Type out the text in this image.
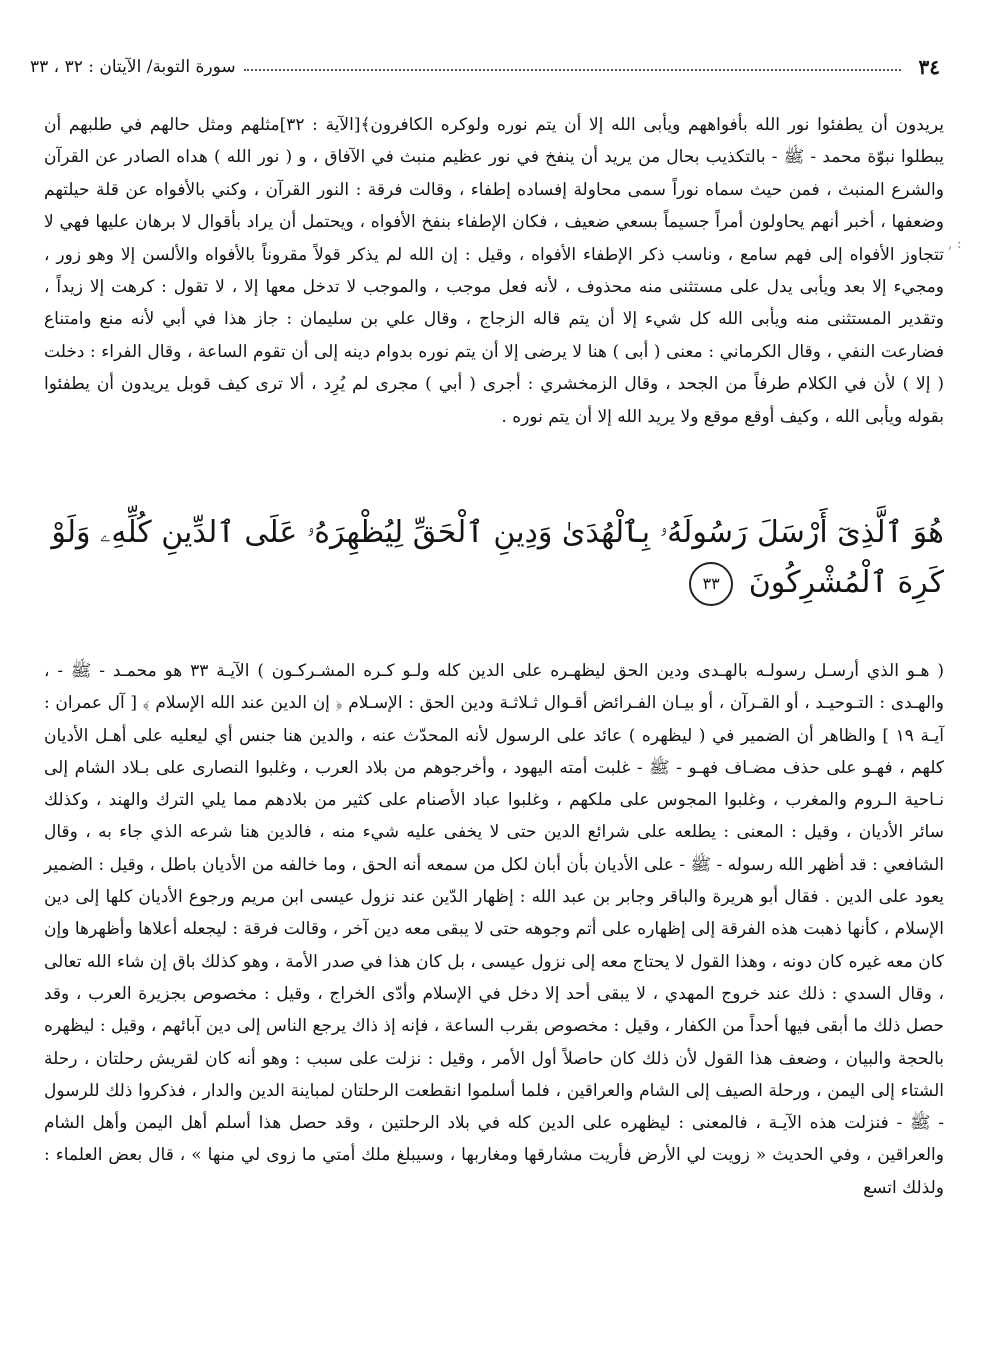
٣٤
سورة التوبة/ الآيتان : ٣٢ ، ٣٣
: ,

يريدون أن يطفئوا نور الله بأفواههم ويأبى الله إلا أن يتم نوره ولوكره الكافرون﴾[الآية : ٣٢]مثلهم ومثل حالهم في طلبهم أن يبطلوا نبوّة محمد - ﷺ - بالتكذيب بحال من يريد أن ينفخ في نور عظيم منبث في الآفاق ، و ( نور الله ) هداه الصادر عن القرآن والشرع المنبث ، فمن حيث سماه نوراً سمى محاولة إفساده إطفاء ، وقالت فرقة : النور القرآن ، وكني بالأفواه عن قلة حيلتهم وضعفها ، أخبر أنهم يحاولون أمراً جسيماً بسعي ضعيف ، فكان الإطفاء بنفخ الأفواه ، ويحتمل أن يراد بأقوال لا برهان عليها فهي لا تتجاوز الأفواه إلى فهم سامع ، وناسب ذكر الإطفاء الأفواه ، وقيل : إن الله لم يذكر قولاً مقروناً بالأفواه والألسن إلا وهو زور ، ومجيء إلا بعد ويأبى يدل على مستثنى منه محذوف ، لأنه فعل موجب ، والموجب لا تدخل معها إلا ، لا تقول : كرهت إلا زيداً ، وتقدير المستثنى منه ويأبى الله كل شيء إلا أن يتم قاله الزجاج ، وقال علي بن سليمان : جاز هذا في أبي لأنه منع وامتناع فضارعت النفي ، وقال الكرماني : معنى ( أبى ) هنا لا يرضى إلا أن يتم نوره بدوام دينه إلى أن تقوم الساعة ، وقال الفراء : دخلت ( إلا ) لأن في الكلام طرفاً من الجحد ، وقال الزمخشري : أجرى ( أبي ) مجرى لم يُرِد ، ألا ترى كيف قوبل يريدون أن يطفئوا بقوله ويأبى الله ، وكيف أوقع موقع ولا يريد الله إلا أن يتم نوره .

هُوَ ٱلَّذِىٓ أَرْسَلَ رَسُولَهُۥ بِٱلْهُدَىٰ وَدِينِ ٱلْحَقِّ لِيُظْهِرَهُۥ عَلَى ٱلدِّينِ كُلِّهِۦ وَلَوْ كَرِهَ ٱلْمُشْرِكُونَ ٣٣

( هـو الذي أرسـل رسولـه بالهـدى ودين الحق ليظهـره على الدين كله ولـو كـره المشـركـون ) الآيـة ٣٣ هو محمـد - ﷺ - ، والهـدى : التـوحيـد ، أو القـرآن ، أو بيـان الفـرائض أقـوال ثـلاثـة ودين الحق : الإسـلام ﴿ إن الدين عند الله الإسلام ﴾ [ آل عمران : آيـة ١٩ ] والظاهر أن الضمير في ( ليظهره ) عائد على الرسول لأنه المحدّث عنه ، والدين هنا جنس أي ليعليه على أهـل الأديان كلهم ، فهـو على حذف مضـاف فهـو - ﷺ - غلبت أمته اليهود ، وأخرجوهم من بلاد العرب ، وغلبوا النصارى على بـلاد الشام إلى نـاحية الـروم والمغرب ، وغلبوا المجوس على ملكهم ، وغلبوا عباد الأصنام على كثير من بلادهم مما يلي الترك والهند ، وكذلك سائر الأديان ، وقيل : المعنى : يطلعه على شرائع الدين حتى لا يخفى عليه شيء منه ، فالدين هنا شرعه الذي جاء به ، وقال الشافعي : قد أظهر الله رسوله - ﷺ - على الأديان بأن أبان لكل من سمعه أنه الحق ، وما خالفه من الأديان باطل ، وقيل : الضمير يعود على الدين . فقال أبو هريرة والباقر وجابر بن عبد الله : إظهار الدّين عند نزول عيسى ابن مريم ورجوع الأديان كلها إلى دين الإسلام ، كأنها ذهبت هذه الفرقة إلى إظهاره على أتم وجوهه حتى لا يبقى معه دين آخر ، وقالت فرقة : ليجعله أعلاها وأظهرها وإن كان معه غيره كان دونه ، وهذا القول لا يحتاج معه إلى نزول عيسى ، بل كان هذا في صدر الأمة ، وهو كذلك باق إن شاء الله تعالى ، وقال السدي : ذلك عند خروج المهدي ، لا يبقى أحد إلا دخل في الإسلام وأدّى الخراج ، وقيل : مخصوص بجزيرة العرب ، وقد حصل ذلك ما أبقى فيها أحداً من الكفار ، وقيل : مخصوص بقرب الساعة ، فإنه إذ ذاك يرجع الناس إلى دين آبائهم ، وقيل : ليظهره بالحجة والبيان ، وضعف هذا القول لأن ذلك كان حاصلاً أول الأمر ، وقيل : نزلت على سبب : وهو أنه كان لقريش رحلتان ، رحلة الشتاء إلى اليمن ، ورحلة الصيف إلى الشام والعراقين ، فلما أسلموا انقطعت الرحلتان لمباينة الدين والدار ، فذكروا ذلك للرسول - ﷺ - فنزلت هذه الآيـة ، فالمعنى : ليظهره على الدين كله في بلاد الرحلتين ، وقد حصل هذا أسلم أهل اليمن وأهل الشام والعراقين ، وفي الحديث « زويت لي الأرض فأريت مشارقها ومغاربها ، وسيبلغ ملك أمتي ما زوى لي منها » ، قال بعض العلماء : ولذلك اتسع
